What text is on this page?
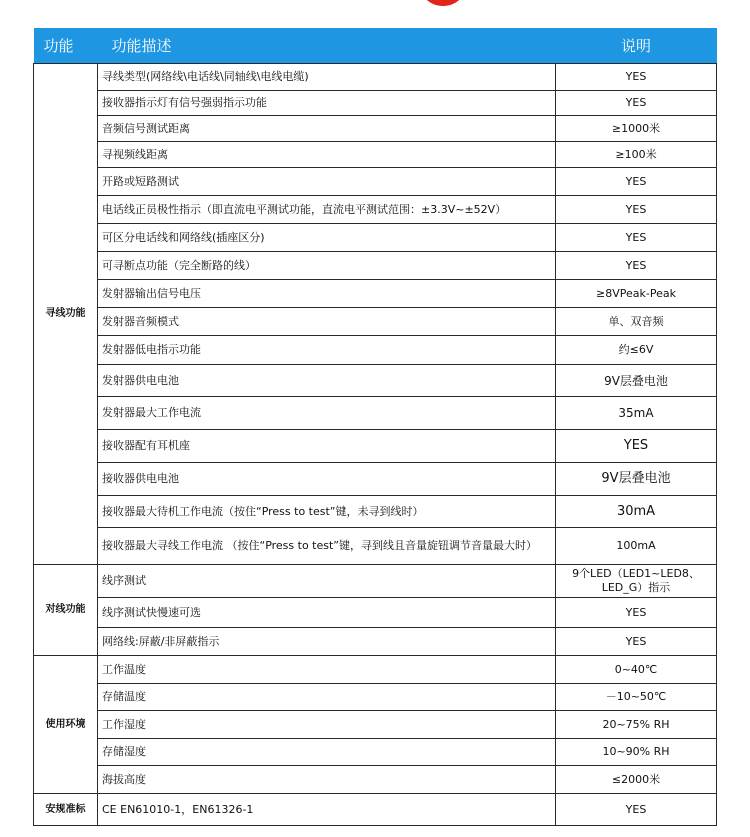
功能	功能描述	说明
寻线功能	寻线类型(网络线\电话线\同轴线\电线电缆)	YES
	接收器指示灯有信号强弱指示功能	YES
	音频信号测试距离	≥1000米
	寻视频线距离	≥100米
	开路或短路测试	YES
	电话线正员极性指示（即直流电平测试功能，直流电平测试范围：±3.3V~±52V）	YES
	可区分电话线和网络线(插座区分)	YES
	可寻断点功能（完全断路的线）	YES
	发射器输出信号电压	≥8VPeak-Peak
	发射器音频模式	单、双音频
	发射器低电指示功能	约≤6V
	发射器供电电池	9V层叠电池
	发射器最大工作电流	35mA
	接收器配有耳机座	YES
	接收器供电电池	9V层叠电池
	接收器最大待机工作电流（按住“Press to test”键，未寻到线时）	30mA
	接收器最大寻线工作电流 （按住“Press to test”键，寻到线且音量旋钮调节音量最大时）	100mA
对线功能	线序测试	9个LED（LED1~LED8、LED_G）指示
	线序测试快慢速可选	YES
	网络线:屏蔽/非屏蔽指示	YES
使用环境	工作温度	0~40℃
	存储温度	－10~50℃
	工作湿度	20~75% RH
	存储湿度	10~90% RH
	海拔高度	≤2000米
安规准标	CE EN61010-1，EN61326-1	YES
